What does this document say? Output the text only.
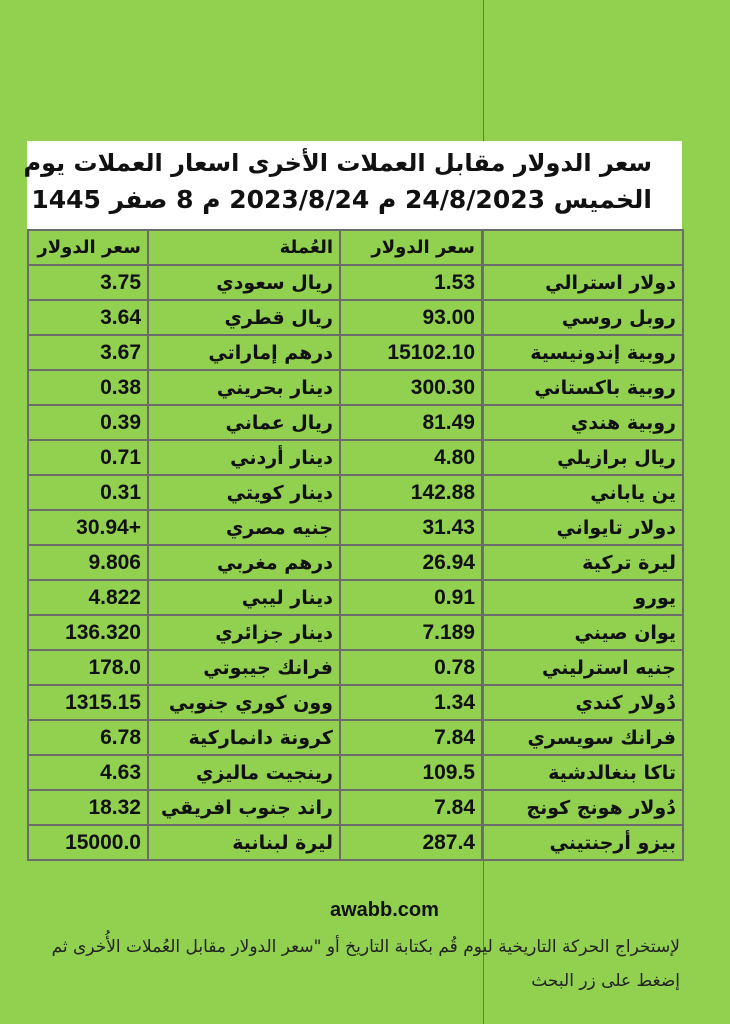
سعر الدولار مقابل العملات الأخرى اسعار العملات يوم
الخميس 24/8/2023 م 2023/8/24 م 8 صفر 1445
سعر الدولار	العُملة	سعر الدولار	
3.75	ريال سعودي	1.53	دولار استرالي
3.64	ريال قطري	93.00	روبل روسي
3.67	درهم إماراتي	15102.10	روبية إندونيسية
0.38	دينار بحريني	300.30	روبية باكستاني
0.39	ريال عماني	81.49	روبية هندي
0.71	دينار أردني	4.80	ريال برازيلي
0.31	دينار كويتي	142.88	ين ياباني
30.94+	جنيه مصري	31.43	دولار تايواني
9.806	درهم مغربي	26.94	ليرة تركية
4.822	دينار ليبي	0.91	يورو
136.320	دينار جزائري	7.189	يوان صيني
178.0	فرانك جيبوتي	0.78	جنيه استرليني
1315.15	وون كوري جنوبي	1.34	دُولار كندي
6.78	كرونة دانماركية	7.84	فرانك سويسري
4.63	رينجيت ماليزي	109.5	تاكا بنغالدشية
18.32	راند جنوب افريقي	7.84	دُولار هونج كونج
15000.0	ليرة لبنانية	287.4	بيزو أرجنتيني
awabb.com
لإستخراج الحركة التاريخية ليوم قُم بكتابة التاريخ أو "سعر الدولار مقابل العُملات الأُخرى ثم إضغط على زر البحث
